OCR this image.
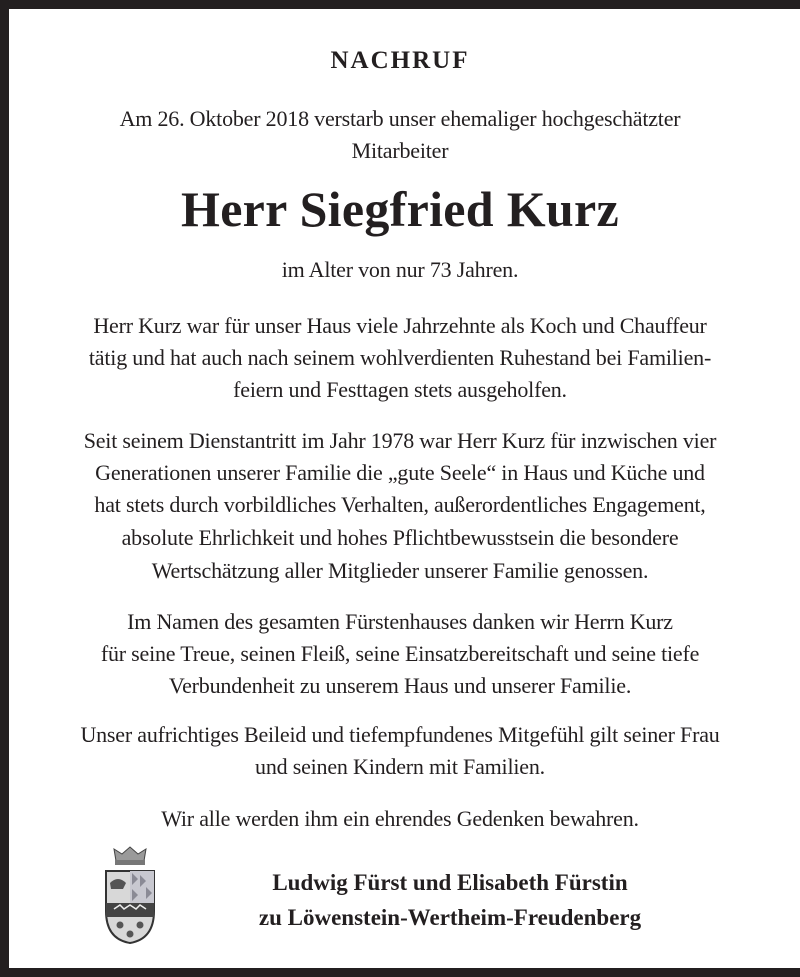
NACHRUF
Am 26. Oktober 2018 verstarb unser ehemaliger hochgeschätzter
Mitarbeiter
Herr Siegfried Kurz
im Alter von nur 73 Jahren.
Herr Kurz war für unser Haus viele Jahrzehnte als Koch und Chauffeur
tätig und hat auch nach seinem wohlverdienten Ruhestand bei Familien-
feiern und Festtagen stets ausgeholfen.
Seit seinem Dienstantritt im Jahr 1978 war Herr Kurz für inzwischen vier
Generationen unserer Familie die „gute Seele“ in Haus und Küche und
hat stets durch vorbildliches Verhalten, außerordentliches Engagement,
absolute Ehrlichkeit und hohes Pflichtbewusstsein die besondere
Wertschätzung aller Mitglieder unserer Familie genossen.
Im Namen des gesamten Fürstenhauses danken wir Herrn Kurz
für seine Treue, seinen Fleiß, seine Einsatzbereitschaft und seine tiefe
Verbundenheit zu unserem Haus und unserer Familie.
Unser aufrichtiges Beileid und tiefempfundenes Mitgefühl gilt seiner Frau
und seinen Kindern mit Familien.
Wir alle werden ihm ein ehrendes Gedenken bewahren.
Ludwig Fürst und Elisabeth Fürstin
zu Löwenstein-Wertheim-Freudenberg
